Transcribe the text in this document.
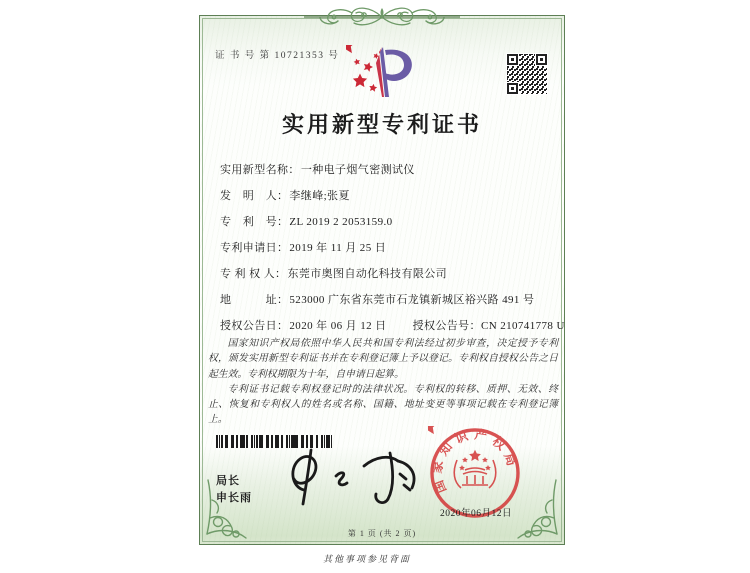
证 书 号 第 10721353 号
实用新型专利证书
实用新型名称：一种电子烟气密测试仪
发　明　人：李继峰;张夏
专　利　号：ZL 2019 2 2053159.0
专利申请日：2019 年 11 月 25 日
专 利 权 人：东莞市奥图自动化科技有限公司
地　　　址：523000 广东省东莞市石龙镇新城区裕兴路 491 号
授权公告日：2020 年 06 月 12 日 授权公告号：CN 210741778 U

国家知识产权局依照中华人民共和国专利法经过初步审查，决定授予专利权，颁发实用新型专利证书并在专利登记簿上予以登记。专利权自授权公告之日起生效。专利权期限为十年，自申请日起算。

专利证书记载专利权登记时的法律状况。专利权的转移、质押、无效、终止、恢复和专利权人的姓名或名称、国籍、地址变更等事项记载在专利登记簿上。

局长
申长雨
国 家 知 识 产 权 局
2020年06月12日
第 1 页 (共 2 页)
其他事项参见背面
